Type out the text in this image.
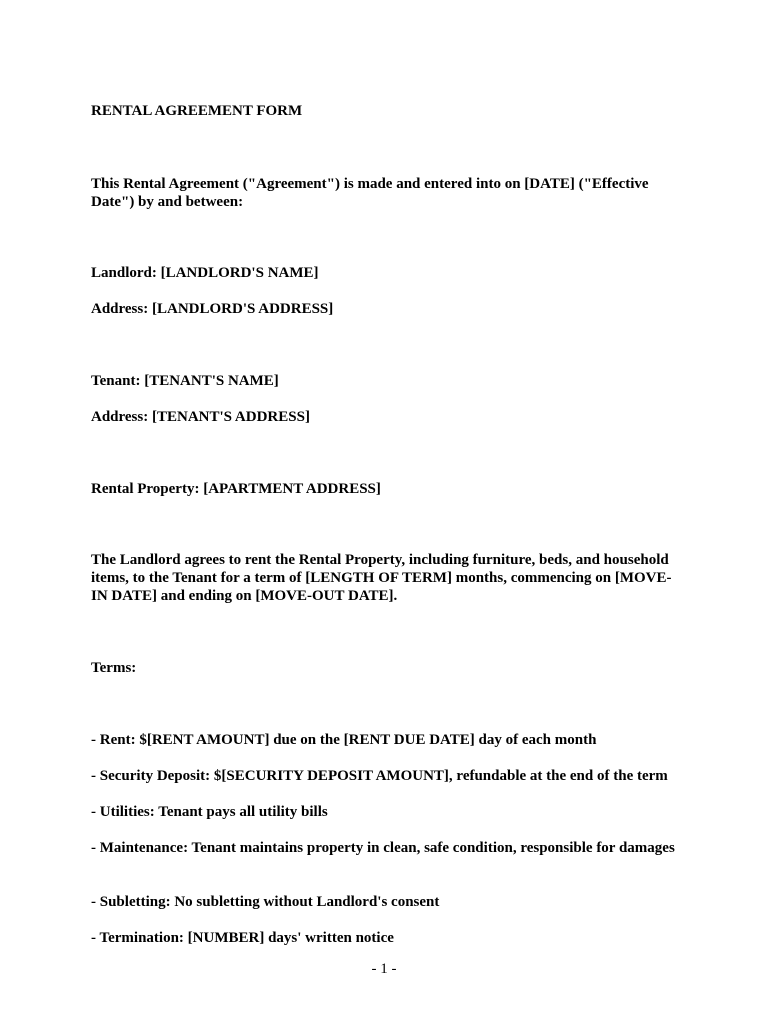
RENTAL AGREEMENT FORM

This Rental Agreement ("Agreement") is made and entered into on [DATE] ("Effective Date") by and between:

Landlord: [LANDLORD'S NAME]

Address: [LANDLORD'S ADDRESS]

Tenant: [TENANT'S NAME]

Address: [TENANT'S ADDRESS]

Rental Property: [APARTMENT ADDRESS]

The Landlord agrees to rent the Rental Property, including furniture, beds, and household items, to the Tenant for a term of [LENGTH OF TERM] months, commencing on [MOVE-IN DATE] and ending on [MOVE-OUT DATE].

Terms:

- Rent: $[RENT AMOUNT] due on the [RENT DUE DATE] day of each month

- Security Deposit: $[SECURITY DEPOSIT AMOUNT], refundable at the end of the term

- Utilities: Tenant pays all utility bills

- Maintenance: Tenant maintains property in clean, safe condition, responsible for damages

- Subletting: No subletting without Landlord's consent

- Termination: [NUMBER] days' written notice

- 1 -
